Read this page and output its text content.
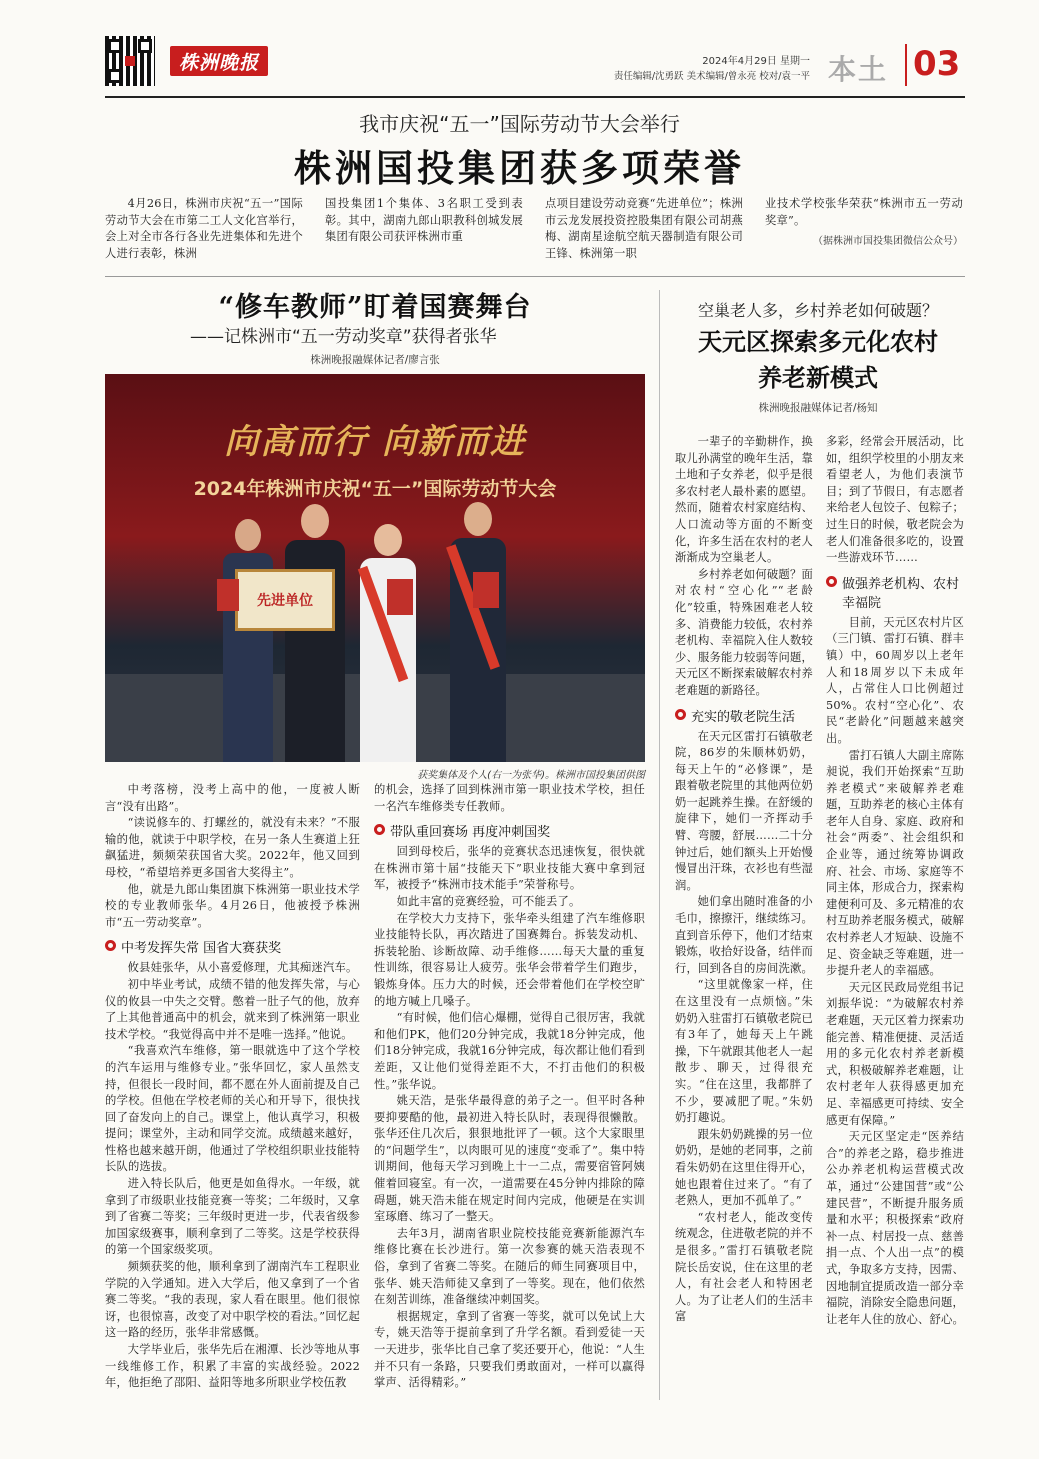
株洲晚报	2024年4月29日 星期一
责任编辑/沈勇跃 美术编辑/曾永亮 校对/袁一平 本土 03
我市庆祝“五一”国际劳动节大会举行
株洲国投集团获多项荣誉

4月26日，株洲市庆祝“五一”国际劳动节大会在市第二工人文化宫举行，会上对全市各行各业先进集体和先进个人进行表彰，株洲

国投集团1个集体、3名职工受到表彰。其中，湖南九郎山职教科创城发展集团有限公司获评株洲市重

点项目建设劳动竞赛“先进单位”；株洲市云龙发展投资控股集团有限公司胡燕梅、湖南星途航空航天器制造有限公司王锋、株洲第一职

业技术学校张华荣获“株洲市五一劳动奖章”。

（据株洲市国投集团微信公众号）
“修车教师”盯着国赛舞台
——记株洲市“五一劳动奖章”获得者张华
株洲晚报融媒体记者/廖言张
向高而行 向新而进
2024年株洲市庆祝“五一”国际劳动节大会
先进单位
获奖集体及个人(右一为张华)。株洲市国投集团供图

中考落榜，没考上高中的他，一度被人断言“没有出路”。

“读说修车的、打螺丝的，就没有未来？”不服输的他，就读于中职学校，在另一条人生赛道上狂飙猛进，频频荣获国省大奖。2022年，他又回到母校，“希望培养更多国省大奖得主”。

他，就是九郎山集团旗下株洲第一职业技术学校的专业教师张华。4月26日，他被授予株洲市“五一劳动奖章”。

中考发挥失常 国省大赛获奖

攸县娃张华，从小喜爱修理，尤其痴迷汽车。

初中毕业考试，成绩不错的他发挥失常，与心仪的攸县一中失之交臂。憋着一肚子气的他，放弃了上其他普通高中的机会，就来到了株洲第一职业技术学校。“我觉得高中并不是唯一选择。”他说。

“我喜欢汽车维修，第一眼就选中了这个学校的汽车运用与维修专业。”张华回忆，家人虽然支持，但很长一段时间，都不愿在外人面前提及自己的学校。但他在学校老师的关心和开导下，很快找回了奋发向上的自己。课堂上，他认真学习，积极提问；课堂外，主动和同学交流。成绩越来越好，性格也越来越开朗，他通过了学校组织职业技能特长队的选拔。

进入特长队后，他更是如鱼得水。一年级，就拿到了市级职业技能竞赛一等奖；二年级时，又拿到了省赛二等奖；三年级时更进一步，代表省级参加国家级赛事，顺利拿到了二等奖。这是学校获得的第一个国家级奖项。

频频获奖的他，顺利拿到了湖南汽车工程职业学院的入学通知。进入大学后，他又拿到了一个省赛二等奖。“我的表现，家人看在眼里。他们很惊讶，也很惊喜，改变了对中职学校的看法。”回忆起这一路的经历，张华非常感慨。

大学毕业后，张华先后在湘潭、长沙等地从事一线维修工作，积累了丰富的实战经验。2022年，他拒绝了邵阳、益阳等地多所职业学校伍教

的机会，选择了回到株洲市第一职业技术学校，担任一名汽车维修类专任教师。

带队重回赛场 再度冲刺国奖

回到母校后，张华的竞赛状态迅速恢复，很快就在株洲市第十届“技能天下”职业技能大赛中拿到冠军，被授予“株洲市技术能手”荣誉称号。

如此丰富的竞赛经验，可不能丢了。

在学校大力支持下，张华牵头组建了汽车维修职业技能特长队，再次踏进了国赛舞台。拆装发动机、拆装轮胎、诊断故障、动手维修……每天大量的重复性训练，很容易让人疲劳。张华会带着学生们跑步，锻炼身体。压力大的时候，还会带着他们在学校空旷的地方喊上几嗓子。

“有时候，他们信心爆棚，觉得自己很厉害，我就和他们PK，他们20分钟完成，我就18分钟完成，他们18分钟完成，我就16分钟完成，每次都让他们看到差距，又让他们觉得差距不大，不打击他们的积极性。”张华说。

姚天浩，是张华最得意的弟子之一。但平时各种要抑要酷的他，最初进入特长队时，表现得很懒散。张华还住几次后，狠狠地批评了一顿。这个大家眼里的“问题学生”，以肉眼可见的速度“变乖了”。集中特训期间，他每天学习到晚上十一二点，需要宿管阿姨催着回寝室。有一次，一道需要在45分钟内排除的障碍题，姚天浩未能在规定时间内完成，他硬是在实训室琢磨、练习了一整天。

去年3月，湖南省职业院校技能竞赛新能源汽车维修比赛在长沙进行。第一次参赛的姚天浩表现不俗，拿到了省赛二等奖。在随后的师生同赛项目中，张华、姚天浩师徒又拿到了一等奖。现在，他们依然在刻苦训练，准备继续冲刺国奖。

根据规定，拿到了省赛一等奖，就可以免试上大专，姚天浩等于提前拿到了升学名额。看到爱徒一天一天进步，张华比自己拿了奖还要开心，他说：“人生并不只有一条路，只要我们勇敢面对，一样可以赢得掌声、活得精彩。”

空巢老人多，乡村养老如何破题？
天元区探索多元化农村
养老新模式
株洲晚报融媒体记者/杨知

一辈子的辛勤耕作，换取儿孙满堂的晚年生活，靠土地和子女养老，似乎是很多农村老人最朴素的愿望。然而，随着农村家庭结构、人口流动等方面的不断变化，许多生活在农村的老人渐渐成为空巢老人。

乡村养老如何破题？面对农村“空心化”“老龄化”较重，特殊困难老人较多、消费能力较低，农村养老机构、幸福院入住人数较少、服务能力较弱等问题，天元区不断探索破解农村养老难题的新路径。

充实的敬老院生活

在天元区雷打石镇敬老院，86岁的朱顺林奶奶，每天上午的“必修课”，是跟着敬老院里的其他两位奶奶一起跳养生操。在舒缓的旋律下，她们一齐挥动手臂、弯腰，舒展……二十分钟过后，她们额头上开始慢慢冒出汗珠，衣衫也有些湿润。

她们拿出随时准备的小毛巾，擦擦汗，继续练习。直到音乐停下，他们才结束锻炼，收拾好设备，结伴而行，回到各自的房间洗漱。

“这里就像家一样，住在这里没有一点烦恼。”朱奶奶入驻雷打石镇敬老院已有3年了，她每天上午跳操，下午就跟其他老人一起散步、聊天，过得很充实。“住在这里，我都胖了不少，要减肥了呢。”朱奶奶打趣说。

跟朱奶奶跳操的另一位奶奶，是她的老同事，之前看朱奶奶在这里住得开心，她也跟着住过来了。“有了老熟人，更加不孤单了。”

“农村老人，能改变传统观念，住进敬老院的并不是很多。”雷打石镇敬老院院长岳安说，住在这里的老人，有社会老人和特困老人。为了让老人们的生活丰富

多彩，经常会开展活动，比如，组织学校里的小朋友来看望老人，为他们表演节目；到了节假日，有志愿者来给老人包饺子、包粽子；过生日的时候，敬老院会为老人们准备很多吃的，设置一些游戏环节……

做强养老机构、农村幸福院

目前，天元区农村片区（三门镇、雷打石镇、群丰镇）中，60周岁以上老年人和18周岁以下未成年人，占常住人口比例超过50%。农村“空心化”、农民“老龄化”问题越来越突出。

雷打石镇人大副主席陈昶说，我们开始探索“互助养老模式”来破解养老难题，互助养老的核心主体有老年人自身、家庭、政府和社会“两委”、社会组织和企业等，通过统筹协调政府、社会、市场、家庭等不同主体，形成合力，探索构建便利可及、多元精准的农村互助养老服务模式，破解农村养老人才短缺、设施不足、资金缺乏等难题，进一步提升老人的幸福感。

天元区民政局党组书记刘振华说：“为破解农村养老难题，天元区着力探索功能完善、精准便捷、灵活适用的多元化农村养老新模式，积极破解养老难题，让农村老年人获得感更加充足、幸福感更可持续、安全感更有保障。”

天元区坚定走“医养结合”的养老之路，稳步推进公办养老机构运营模式改革，通过“公建国营”或“公建民营”，不断提升服务质量和水平；积极探索“政府补一点、村居投一点、慈善捐一点、个人出一点”的模式，争取多方支持，因需、因地制宜提质改造一部分幸福院，消除安全隐患问题，让老年人住的放心、舒心。
